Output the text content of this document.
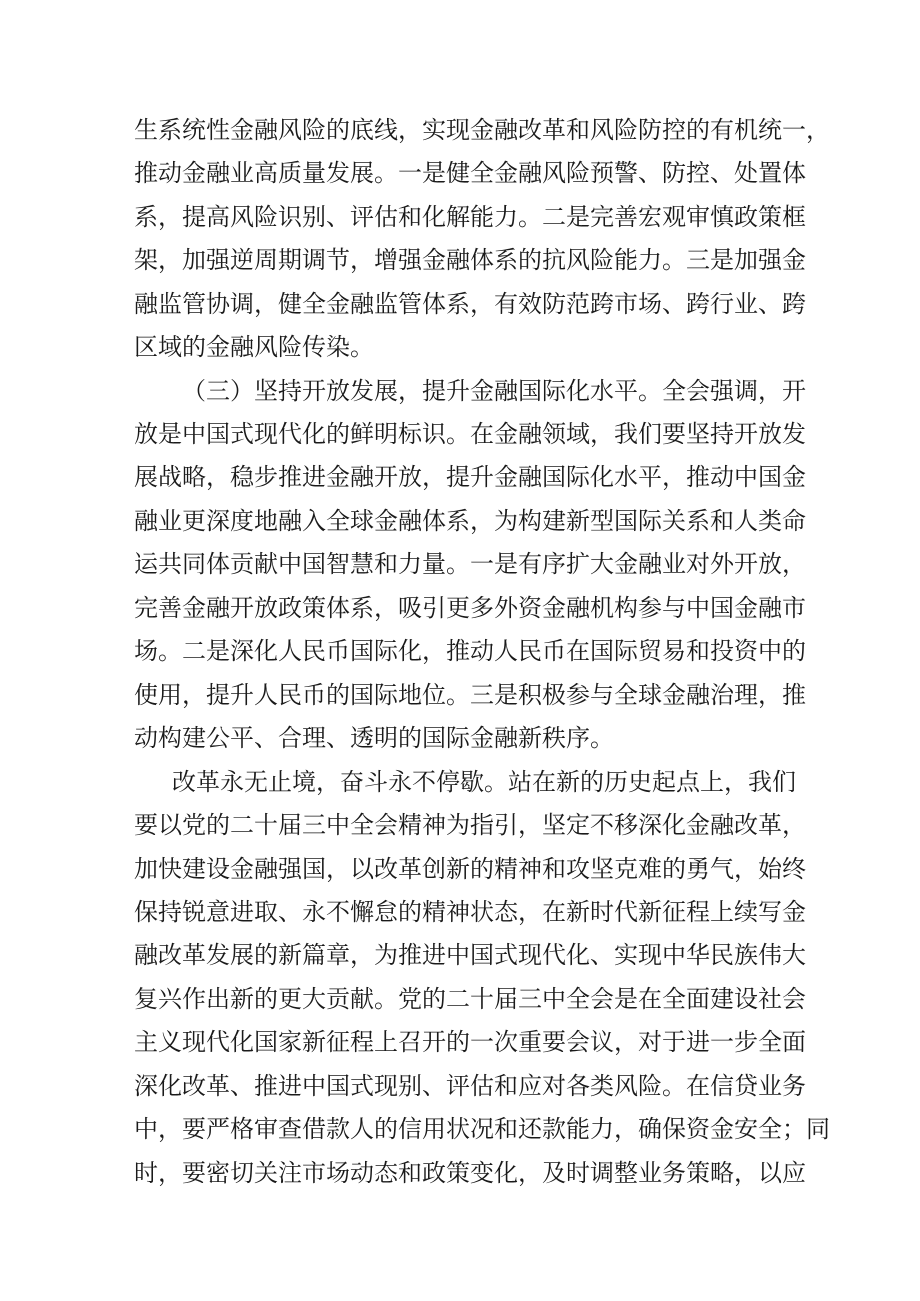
生系统性金融风险的底线，实现金融改革和风险防控的有机统一，
推动金融业高质量发展。一是健全金融风险预警、防控、处置体
系，提高风险识别、评估和化解能力。二是完善宏观审慎政策框
架，加强逆周期调节，增强金融体系的抗风险能力。三是加强金
融监管协调，健全金融监管体系，有效防范跨市场、跨行业、跨
区域的金融风险传染。
（三）坚持开放发展，提升金融国际化水平。全会强调，开
放是中国式现代化的鲜明标识。在金融领域，我们要坚持开放发
展战略，稳步推进金融开放，提升金融国际化水平，推动中国金
融业更深度地融入全球金融体系，为构建新型国际关系和人类命
运共同体贡献中国智慧和力量。一是有序扩大金融业对外开放，
完善金融开放政策体系，吸引更多外资金融机构参与中国金融市
场。二是深化人民币国际化，推动人民币在国际贸易和投资中的
使用，提升人民币的国际地位。三是积极参与全球金融治理，推
动构建公平、合理、透明的国际金融新秩序。
改革永无止境，奋斗永不停歇。站在新的历史起点上，我们
要以党的二十届三中全会精神为指引，坚定不移深化金融改革，
加快建设金融强国，以改革创新的精神和攻坚克难的勇气，始终
保持锐意进取、永不懈怠的精神状态，在新时代新征程上续写金
融改革发展的新篇章，为推进中国式现代化、实现中华民族伟大
复兴作出新的更大贡献。党的二十届三中全会是在全面建设社会
主义现代化国家新征程上召开的一次重要会议，对于进一步全面
深化改革、推进中国式现别、评估和应对各类风险。在信贷业务
中，要严格审查借款人的信用状况和还款能力，确保资金安全；同
时，要密切关注市场动态和政策变化，及时调整业务策略，以应
